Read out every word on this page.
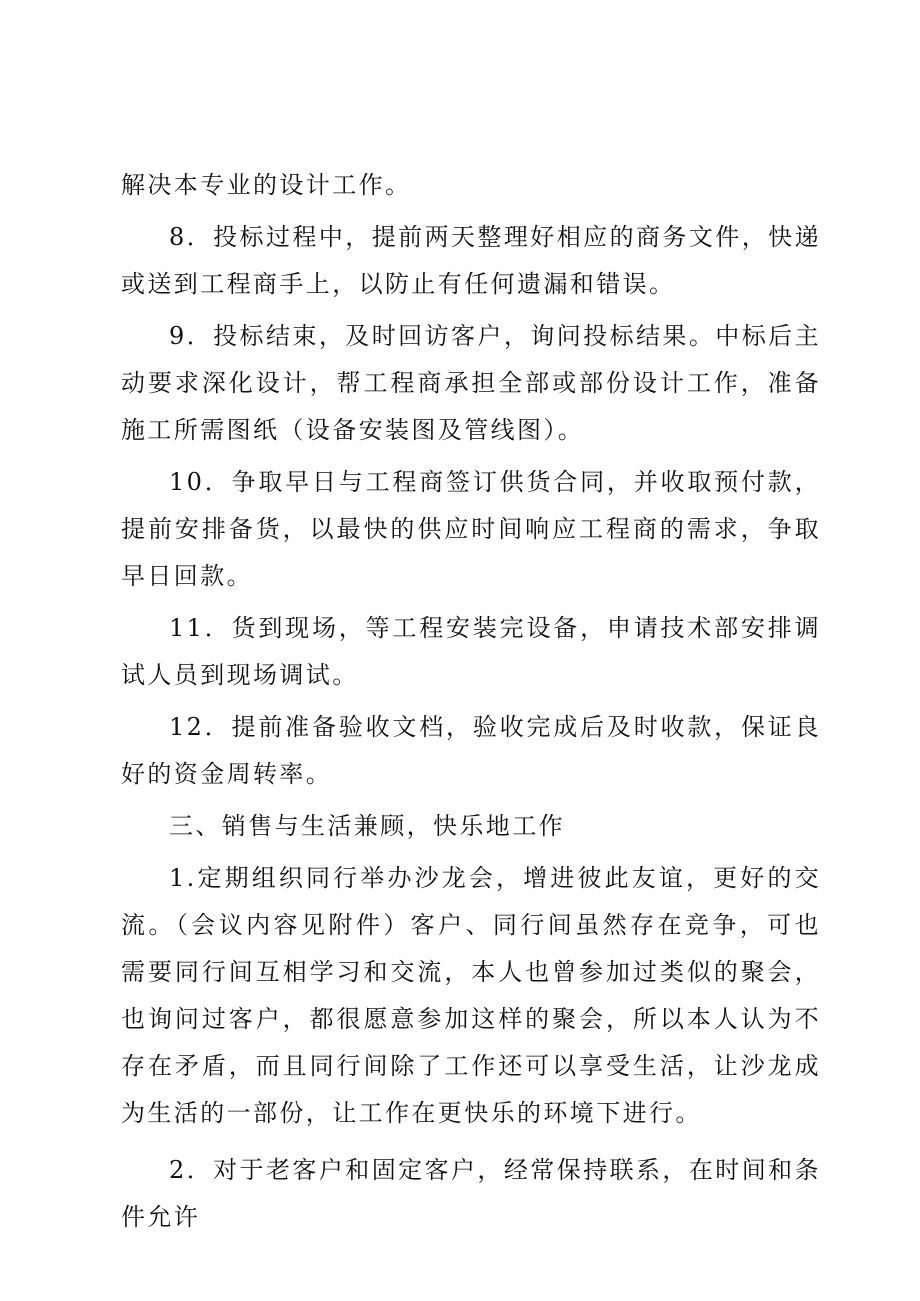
解决本专业的设计工作。

8．投标过程中，提前两天整理好相应的商务文件，快递或送到工程商手上，以防止有任何遗漏和错误。

9．投标结束，及时回访客户，询问投标结果。中标后主动要求深化设计，帮工程商承担全部或部份设计工作，准备施工所需图纸（设备安装图及管线图）。

10．争取早日与工程商签订供货合同，并收取预付款，提前安排备货，以最快的供应时间响应工程商的需求，争取早日回款。

11．货到现场，等工程安装完设备，申请技术部安排调试人员到现场调试。

12．提前准备验收文档，验收完成后及时收款，保证良好的资金周转率。

三、销售与生活兼顾，快乐地工作

1.定期组织同行举办沙龙会，增进彼此友谊，更好的交流。（会议内容见附件）客户、同行间虽然存在竞争，可也需要同行间互相学习和交流，本人也曾参加过类似的聚会，也询问过客户，都很愿意参加这样的聚会，所以本人认为不存在矛盾，而且同行间除了工作还可以享受生活，让沙龙成为生活的一部份，让工作在更快乐的环境下进行。

2．对于老客户和固定客户，经常保持联系，在时间和条件允许
